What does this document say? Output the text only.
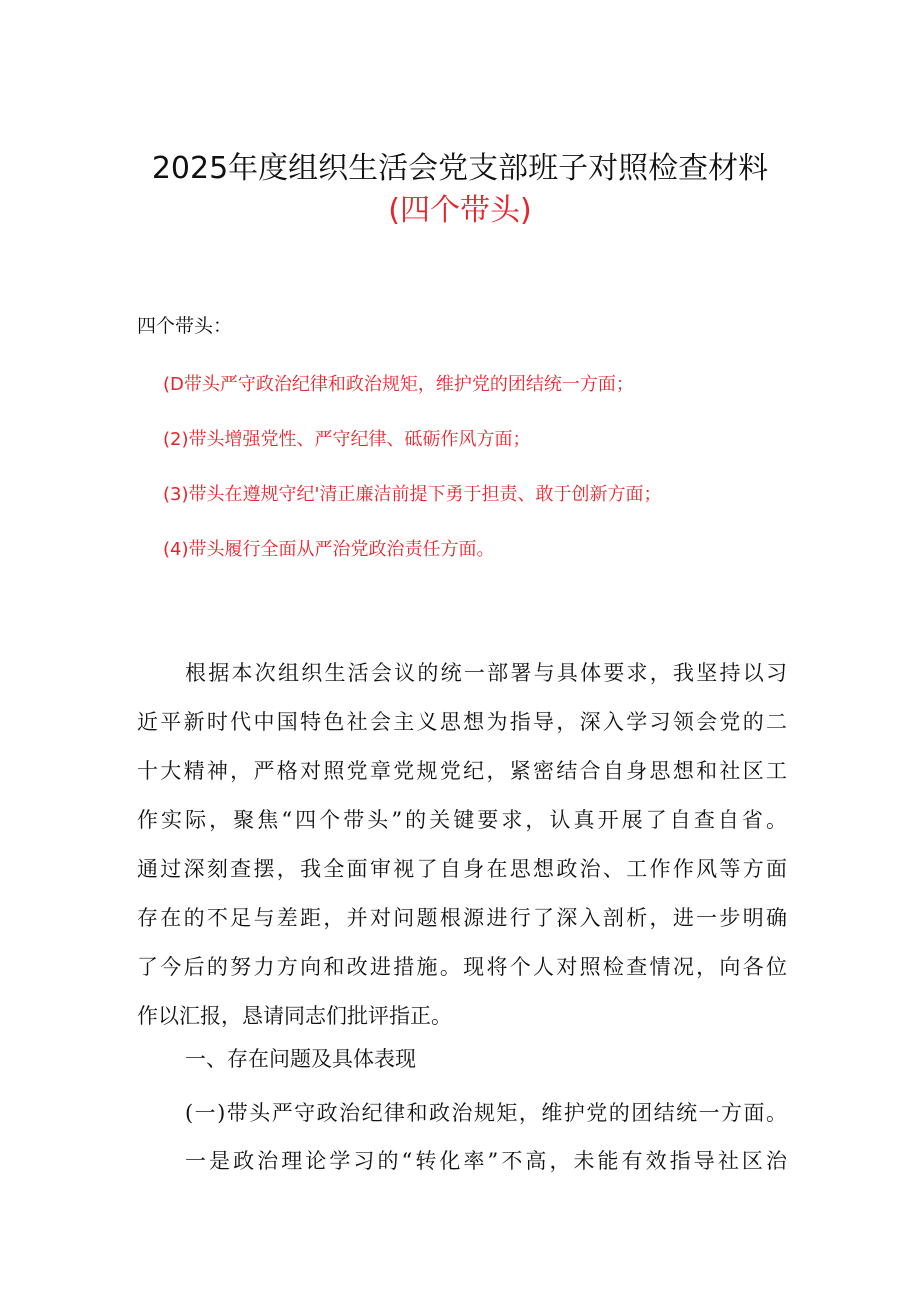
2025年度组织生活会党支部班子对照检查材料
(四个带头)
四个带头：
(D带头严守政治纪律和政治规矩，维护党的团结统一方面；
(2)带头增强党性、严守纪律、砥砺作风方面；
(3)带头在遵规守纪'清正廉洁前提下勇于担责、敢于创新方面；
(4)带头履行全面从严治党政治责任方面。
根据本次组织生活会议的统一部署与具体要求，我坚持以习
近平新时代中国特色社会主义思想为指导，深入学习领会党的二
十大精神，严格对照党章党规党纪，紧密结合自身思想和社区工
作实际，聚焦“四个带头”的关键要求，认真开展了自查自省。
通过深刻查摆，我全面审视了自身在思想政治、工作作风等方面
存在的不足与差距，并对问题根源进行了深入剖析，进一步明确
了今后的努力方向和改进措施。现将个人对照检查情况，向各位
作以汇报，恳请同志们批评指正。
一、存在问题及具体表现
(一)带头严守政治纪律和政治规矩，维护党的团结统一方面。
一是政治理论学习的“转化率”不高，未能有效指导社区治
